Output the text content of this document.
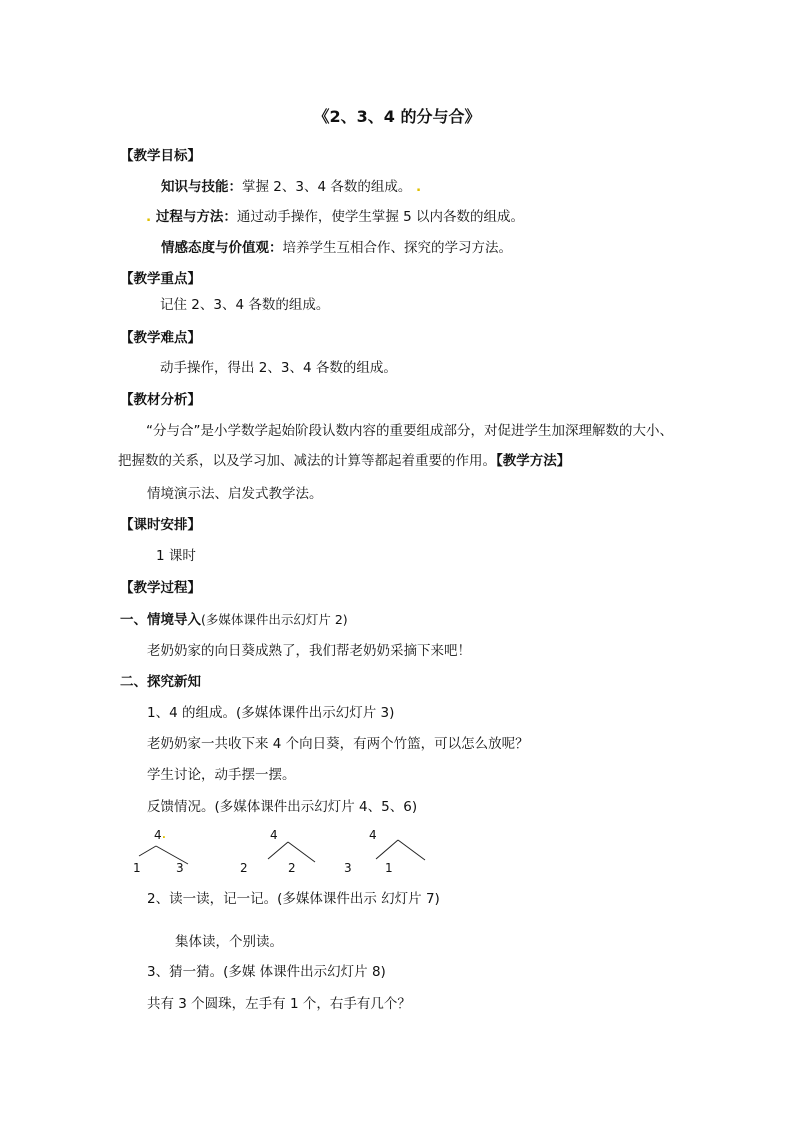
《2、3、4 的分与合》
【教学目标】
知识与技能：掌握 2、3、4 各数的组成。 .
. 过程与方法：通过动手操作，使学生掌握 5 以内各数的组成。
情感态度与价值观：培养学生互相合作、探究的学习方法。
【教学重点】
记住 2、3、4 各数的组成。
【教学难点】
动手操作，得出 2、3、4 各数的组成。
【教材分析】
“分与合”是小学数学起始阶段认数内容的重要组成部分，对促进学生加深理解数的大小、把握数的关系，以及学习加、减法的计算等都起着重要的作用。【教学方法】
情境演示法、启发式教学法。
【课时安排】
1 课时
【教学过程】
一、情境导入(多媒体课件出示幻灯片 2)
老奶奶家的向日葵成熟了，我们帮老奶奶采摘下来吧！
二、探究新知
1、4 的组成。(多媒体课件出示幻灯片 3)
老奶奶家一共收下来 4 个向日葵，有两个竹篮，可以怎么放呢？
学生讨论，动手摆一摆。
反馈情况。(多媒体课件出示幻灯片 4、5、6)
4 .
1	3
4
2	2
4
3	1
2、读一读，记一记。(多媒体课件出示 幻灯片 7)
集体读，个别读。
3、猜一猜。(多媒 体课件出示幻灯片 8)
共有 3 个圆珠，左手有 1 个，右手有几个？
